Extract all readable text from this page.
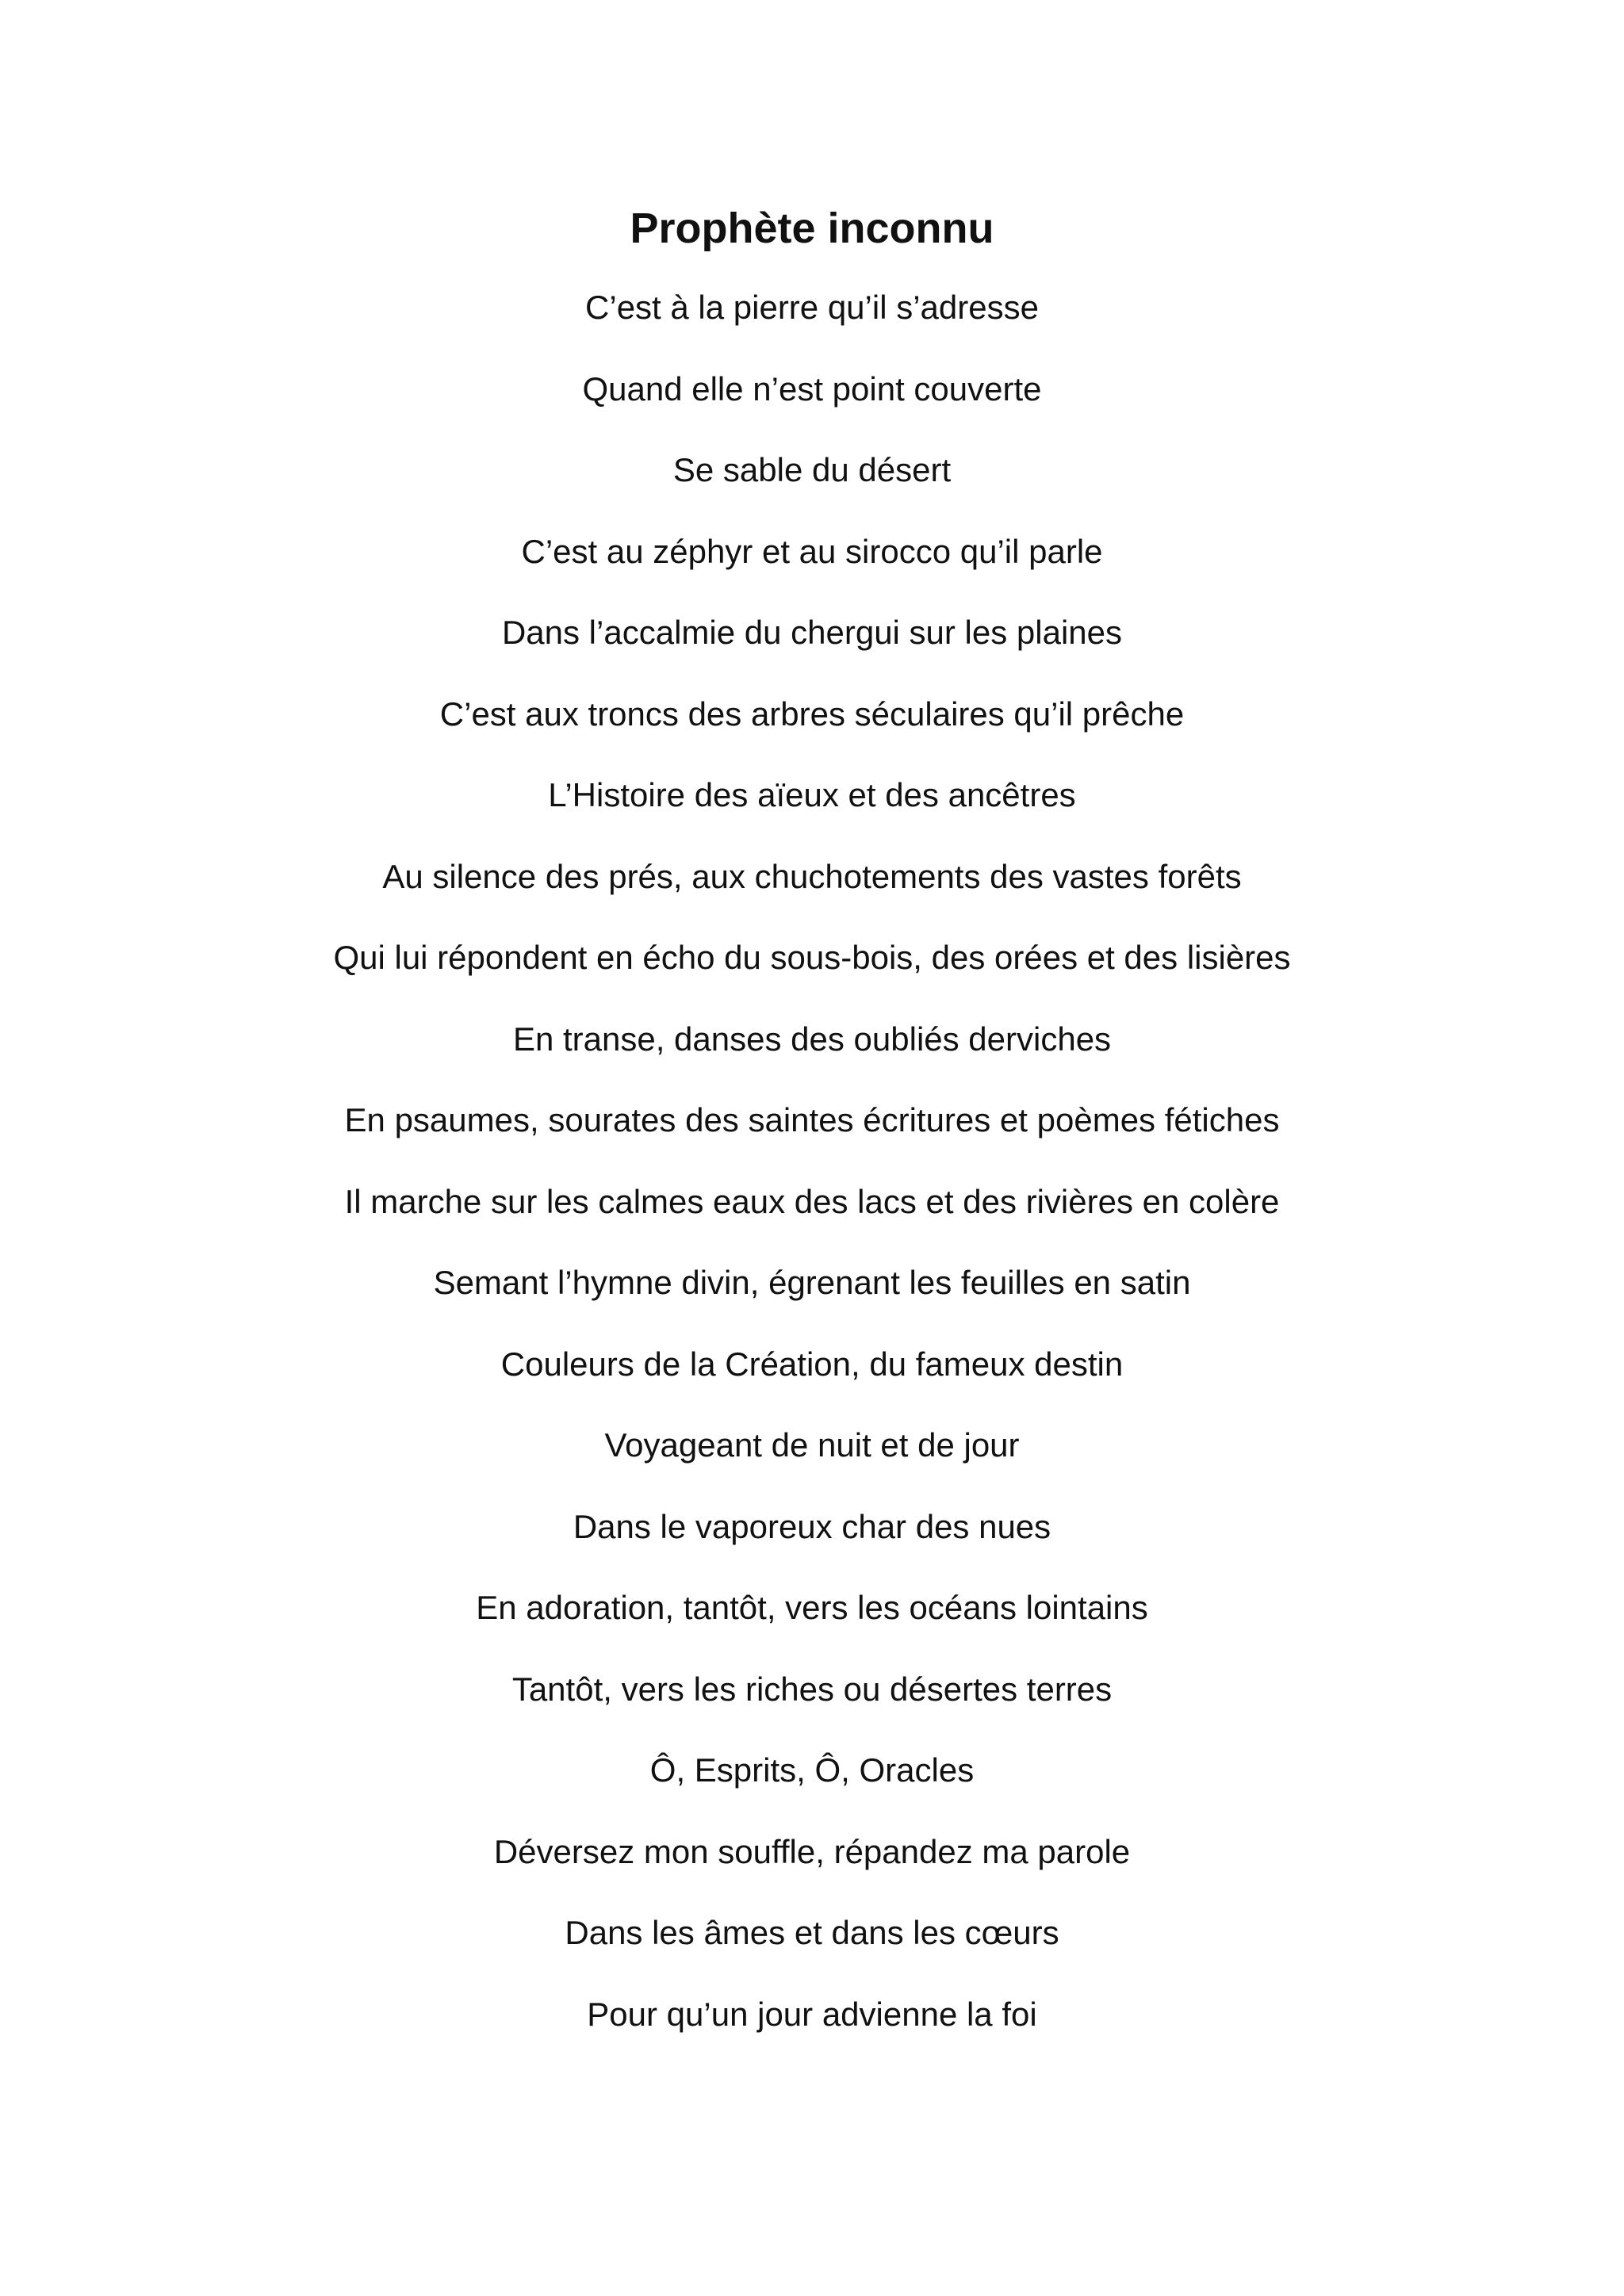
Prophète inconnu
C’est à la pierre qu’il s’adresse
Quand elle n’est point couverte
Se sable du désert
C’est au zéphyr et au sirocco qu’il parle
Dans l’accalmie du chergui sur les plaines
C’est aux troncs des arbres séculaires qu’il prêche
L’Histoire des aïeux et des ancêtres
Au silence des prés, aux chuchotements des vastes forêts
Qui lui répondent en écho du sous-bois, des orées et des lisières
En transe, danses des oubliés derviches
En psaumes, sourates des saintes écritures et poèmes fétiches
Il marche sur les calmes eaux des lacs et des rivières en colère
Semant l’hymne divin, égrenant les feuilles en satin
Couleurs de la Création, du fameux destin
Voyageant de nuit et de jour
Dans le vaporeux char des nues
En adoration, tantôt, vers les océans lointains
Tantôt, vers les riches ou désertes terres
Ô, Esprits, Ô, Oracles
Déversez mon souffle, répandez ma parole
Dans les âmes et dans les cœurs
Pour qu’un jour advienne la foi
